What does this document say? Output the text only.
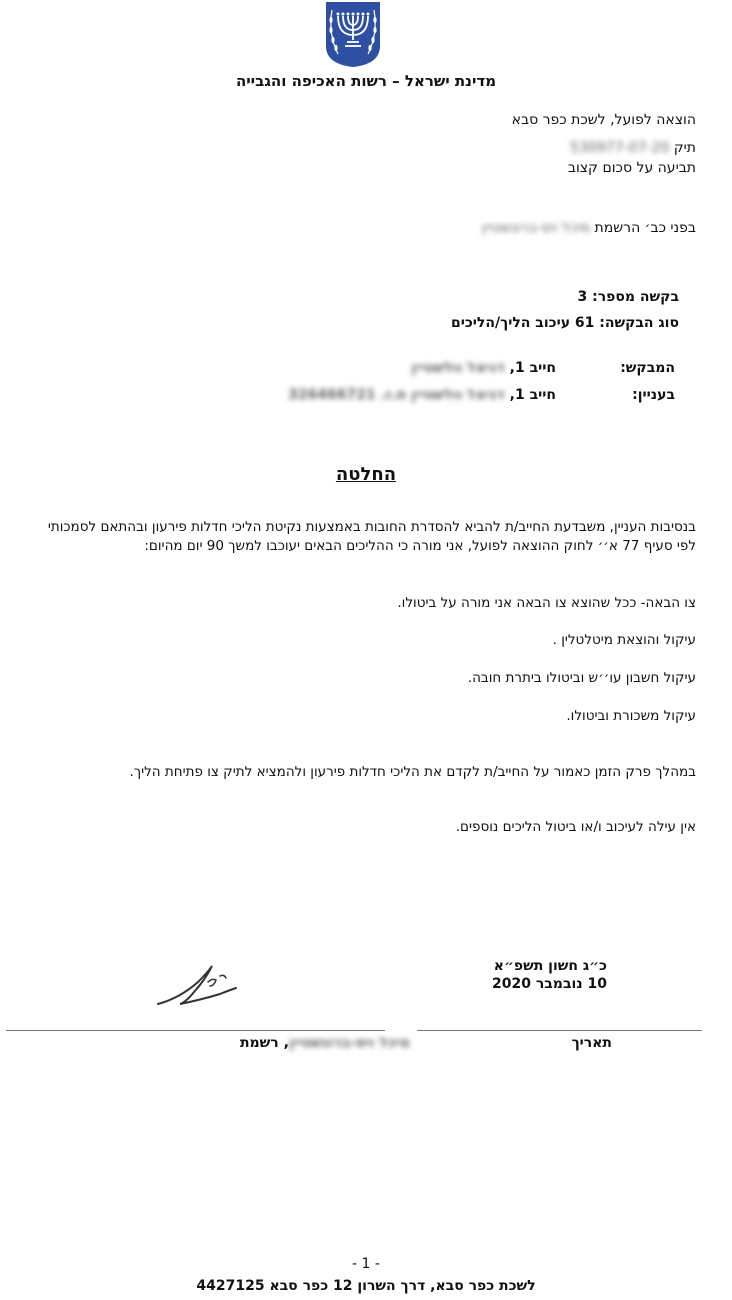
מדינת ישראל – רשות האכיפה והגבייה
הוצאה לפועל, לשכת כפר סבא
תיק 530977-07-20
תביעה על סכום קצוב
בפני כב׳ הרשמת מיכל ויס-ברונשטיין
בקשה מספר: 3
סוג הבקשה: 61 עיכוב הליך/הליכים
המבקש:
חייב 1, דניאל וולשטיין
בעניין:
חייב 1, דניאל וולשטיין ת.ז. 326466721
החלטה
בנסיבות העניין, משבדעת החייב/ת להביא להסדרת החובות באמצעות נקיטת הליכי חדלות פירעון ובהתאם לסמכותי לפי סעיף 77 א׳׳ לחוק ההוצאה לפועל, אני מורה כי ההליכים הבאים יעוכבו למשך 90 יום מהיום:
צו הבאה- ככל שהוצא צו הבאה אני מורה על ביטולו.
עיקול והוצאת מיטלטלין .
עיקול חשבון עו׳׳ש וביטולו ביתרת חובה.
עיקול משכורת וביטולו.
במהלך פרק הזמן כאמור על החייב/ת לקדם את הליכי חדלות פירעון ולהמציא לתיק צו פתיחת הליך.
אין עילה לעיכוב ו/או ביטול הליכים נוספים.
כ״ג חשון תשפ״א
10 נובמבר 2020
מיכל ויס-ברונשטיין, רשמת	תאריך
- 1 -
לשכת כפר סבא, דרך השרון 12 כפר סבא 4427125
